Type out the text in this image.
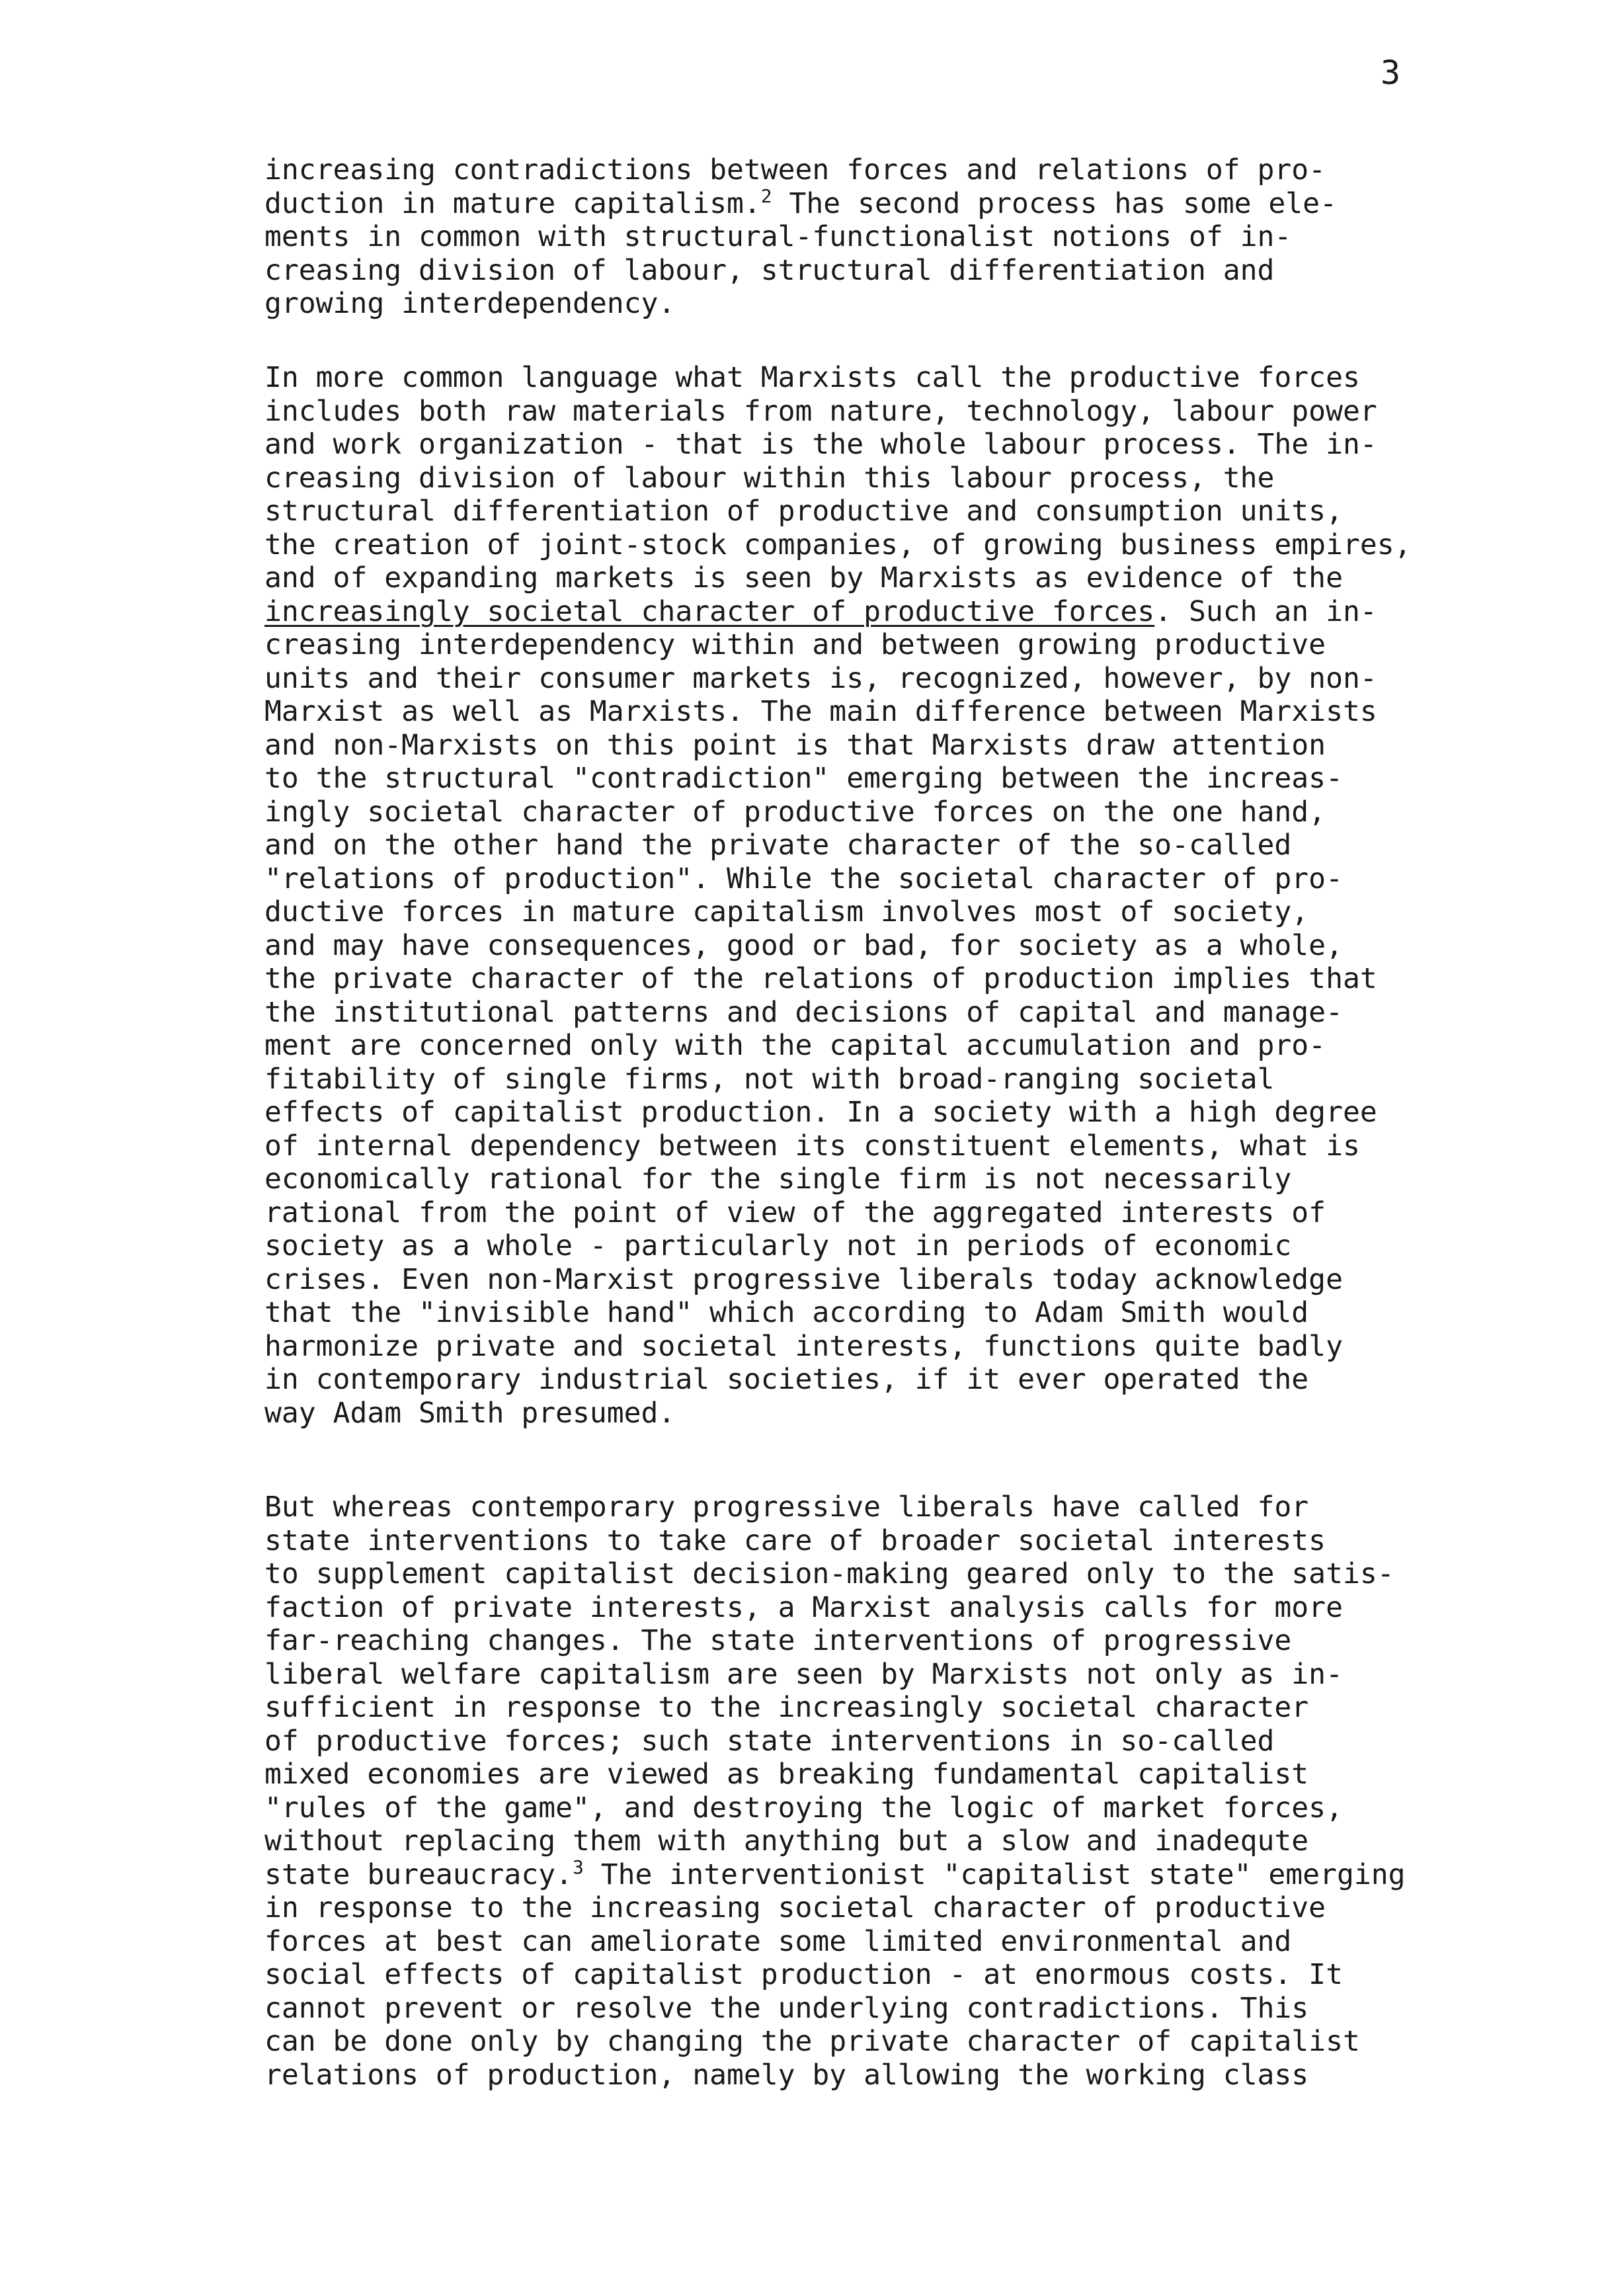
3
increasing contradictions between forces and relations of pro-
duction in mature capitalism.$^2$ The second process has some ele-
ments in common with structural-functionalist notions of in-
creasing division of labour, structural differentiation and
growing interdependency.
In more common language what Marxists call the productive forces
includes both raw materials from nature, technology, labour power
and work organization - that is the whole labour process. The in-
creasing division of labour within this labour process, the
structural differentiation of productive and consumption units,
the creation of joint-stock companies, of growing business empires,
and of expanding markets is seen by Marxists as evidence of the
increasingly societal character of productive forces. Such an in-
creasing interdependency within and between growing productive
units and their consumer markets is, recognized, however, by non-
Marxist as well as Marxists. The main difference between Marxists
and non-Marxists on this point is that Marxists draw attention
to the structural "contradiction" emerging between the increas-
ingly societal character of productive forces on the one hand,
and on the other hand the private character of the so-called
"relations of production". While the societal character of pro-
ductive forces in mature capitalism involves most of society,
and may have consequences, good or bad, for society as a whole,
the private character of the relations of production implies that
the institutional patterns and decisions of capital and manage-
ment are concerned only with the capital accumulation and pro-
fitability of single firms, not with broad-ranging societal
effects of capitalist production. In a society with a high degree
of internal dependency between its constituent elements, what is
economically rational for the single firm is not necessarily
rational from the point of view of the aggregated interests of
society as a whole - particularly not in periods of economic
crises. Even non-Marxist progressive liberals today acknowledge
that the "invisible hand" which according to Adam Smith would
harmonize private and societal interests, functions quite badly
in contemporary industrial societies, if it ever operated the
way Adam Smith presumed.
But whereas contemporary progressive liberals have called for
state interventions to take care of broader societal interests
to supplement capitalist decision-making geared only to the satis-
faction of private interests, a Marxist analysis calls for more
far-reaching changes. The state interventions of progressive
liberal welfare capitalism are seen by Marxists not only as in-
sufficient in response to the increasingly societal character
of productive forces; such state interventions in so-called
mixed economies are viewed as breaking fundamental capitalist
"rules of the game", and destroying the logic of market forces,
without replacing them with anything but a slow and inadequte
state bureaucracy.$^3$ The interventionist "capitalist state" emerging
in response to the increasing societal character of productive
forces at best can ameliorate some limited environmental and
social effects of capitalist production - at enormous costs. It
cannot prevent or resolve the underlying contradictions. This
can be done only by changing the private character of capitalist
relations of production, namely by allowing the working class
